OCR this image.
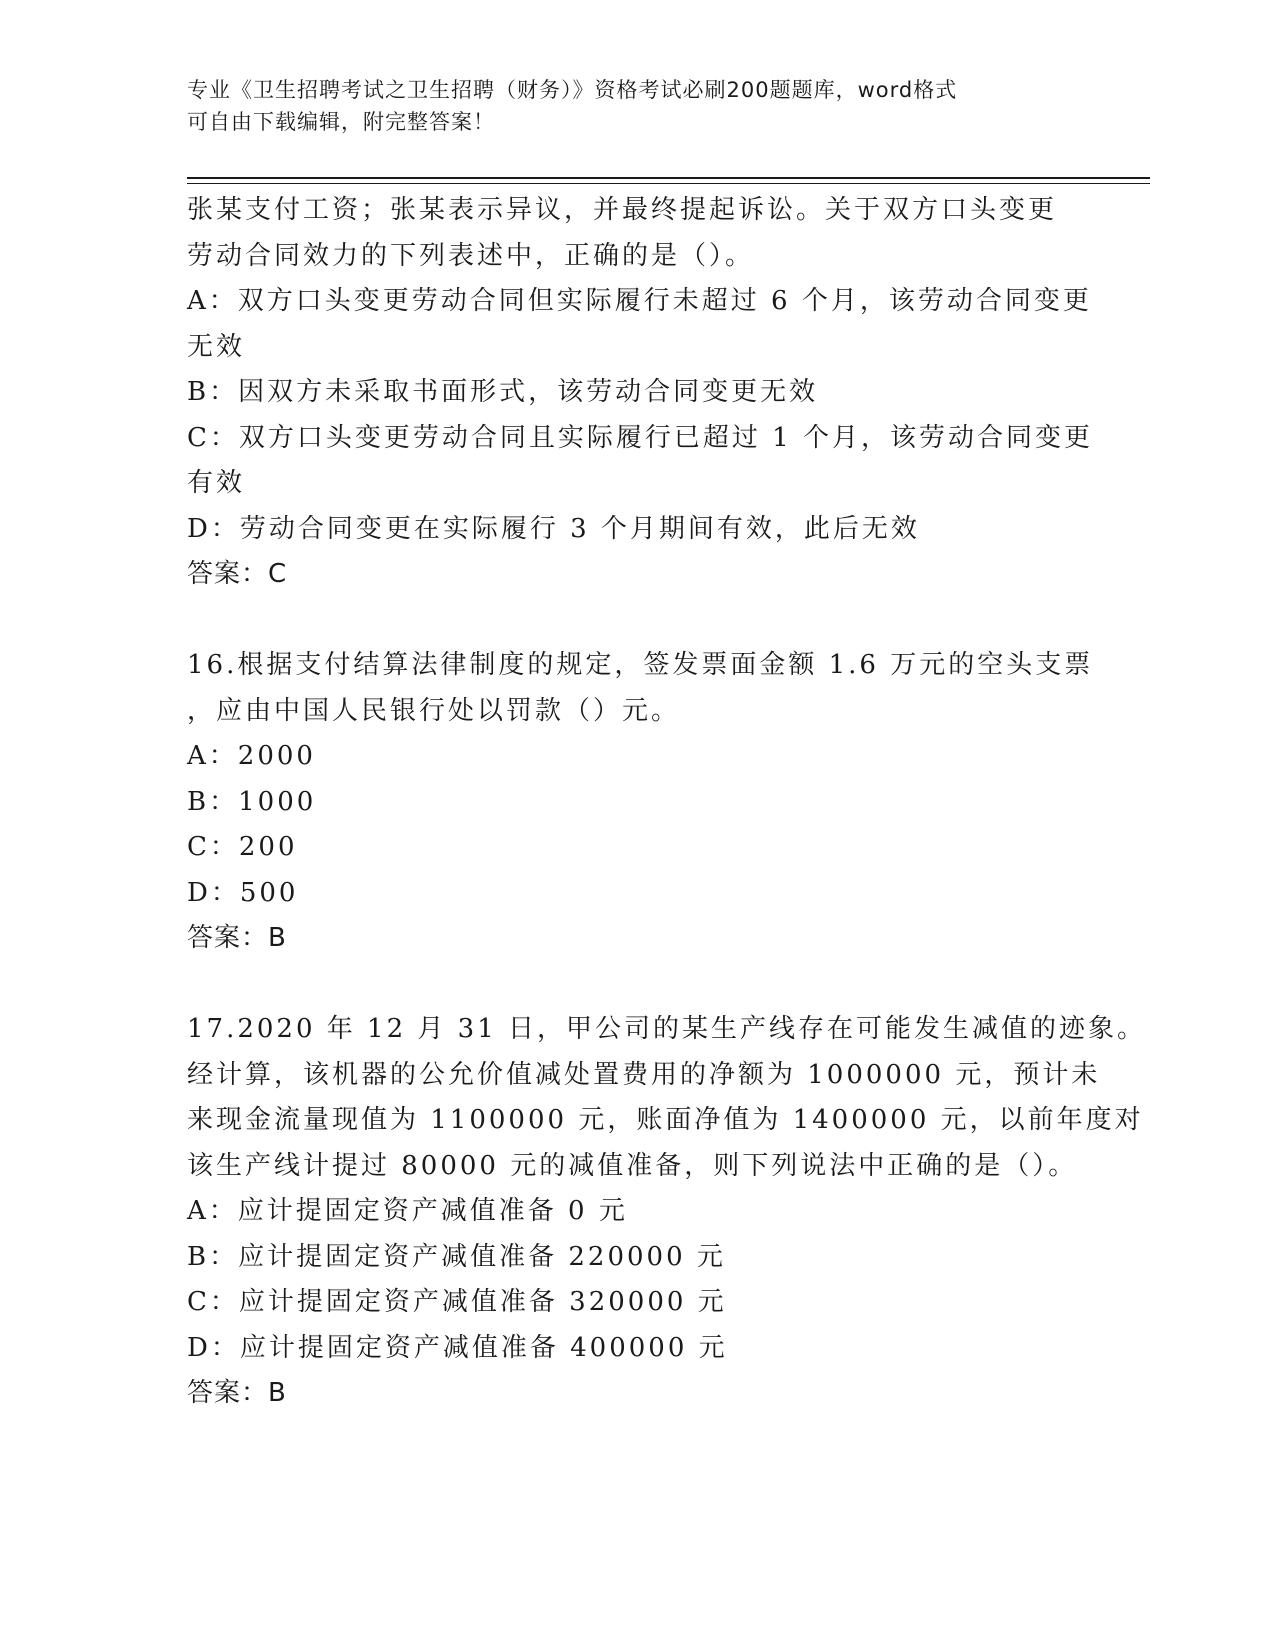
专业《卫生招聘考试之卫生招聘（财务）》资格考试必刷200题题库，word格式
可自由下载编辑，附完整答案！
张某支付工资；张某表示异议，并最终提起诉讼。关于双方口头变更
劳动合同效力的下列表述中，正确的是（）。
A：双方口头变更劳动合同但实际履行未超过 6 个月，该劳动合同变更
无效
B：因双方未采取书面形式，该劳动合同变更无效
C：双方口头变更劳动合同且实际履行已超过 1 个月，该劳动合同变更
有效
D：劳动合同变更在实际履行 3 个月期间有效，此后无效
答案：C
16.根据支付结算法律制度的规定，签发票面金额 1.6 万元的空头支票
，应由中国人民银行处以罚款（）元。
A：2000
B：1000
C：200
D：500
答案：B
17.2020 年 12 月 31 日，甲公司的某生产线存在可能发生减值的迹象。
经计算，该机器的公允价值减处置费用的净额为 1000000 元，预计未
来现金流量现值为 1100000 元，账面净值为 1400000 元，以前年度对
该生产线计提过 80000 元的减值准备，则下列说法中正确的是（）。
A：应计提固定资产减值准备 0 元
B：应计提固定资产减值准备 220000 元
C：应计提固定资产减值准备 320000 元
D：应计提固定资产减值准备 400000 元
答案：B
